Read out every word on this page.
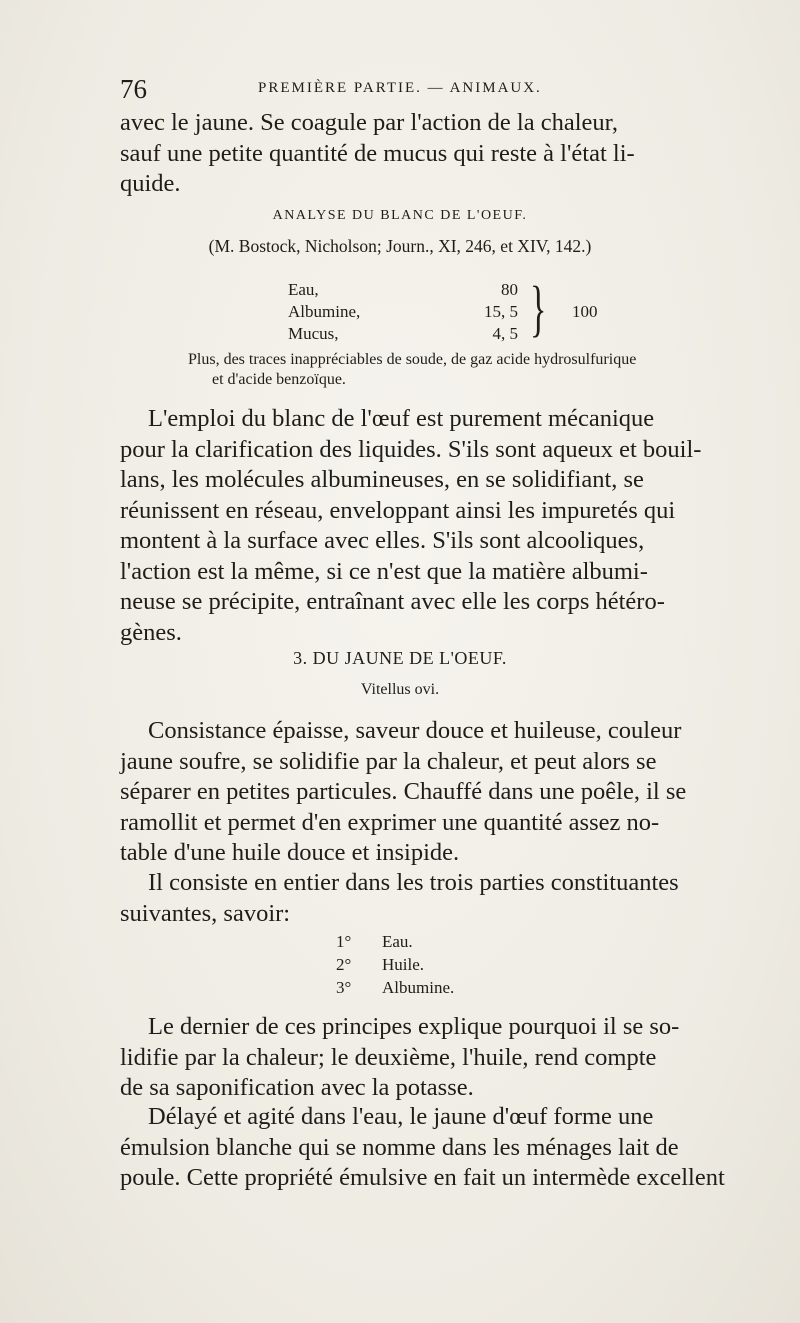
76	PREMIÈRE PARTIE. — ANIMAUX.

avec le jaune. Se coagule par l'action de la chaleur,
sauf une petite quantité de mucus qui reste à l'état li-
quide.

ANALYSE DU BLANC DE L'OEUF.
(M. Bostock, Nicholson; Journ., XI, 246, et XIV, 142.)
Eau,	80
Albumine,	15, 5
Mucus,	4, 5 } 100
Plus, des traces inappréciables de soude, de gaz acide hydrosulfurique
et d'acide benzoïque.

L'emploi du blanc de l'œuf est purement mécanique
pour la clarification des liquides. S'ils sont aqueux et bouil-
lans, les molécules albumineuses, en se solidifiant, se
réunissent en réseau, enveloppant ainsi les impuretés qui
montent à la surface avec elles. S'ils sont alcooliques,
l'action est la même, si ce n'est que la matière albumi-
neuse se précipite, entraînant avec elle les corps hétéro-
gènes.

3. DU JAUNE DE L'OEUF.
Vitellus ovi.

Consistance épaisse, saveur douce et huileuse, couleur
jaune soufre, se solidifie par la chaleur, et peut alors se
séparer en petites particules. Chauffé dans une poêle, il se
ramollit et permet d'en exprimer une quantité assez no-
table d'une huile douce et insipide.

Il consiste en entier dans les trois parties constituantes
suivantes, savoir:

1° Eau.
2° Huile.
3° Albumine.

Le dernier de ces principes explique pourquoi il se so-
lidifie par la chaleur; le deuxième, l'huile, rend compte
de sa saponification avec la potasse.

Délayé et agité dans l'eau, le jaune d'œuf forme une
émulsion blanche qui se nomme dans les ménages lait de
poule. Cette propriété émulsive en fait un intermède excellent
